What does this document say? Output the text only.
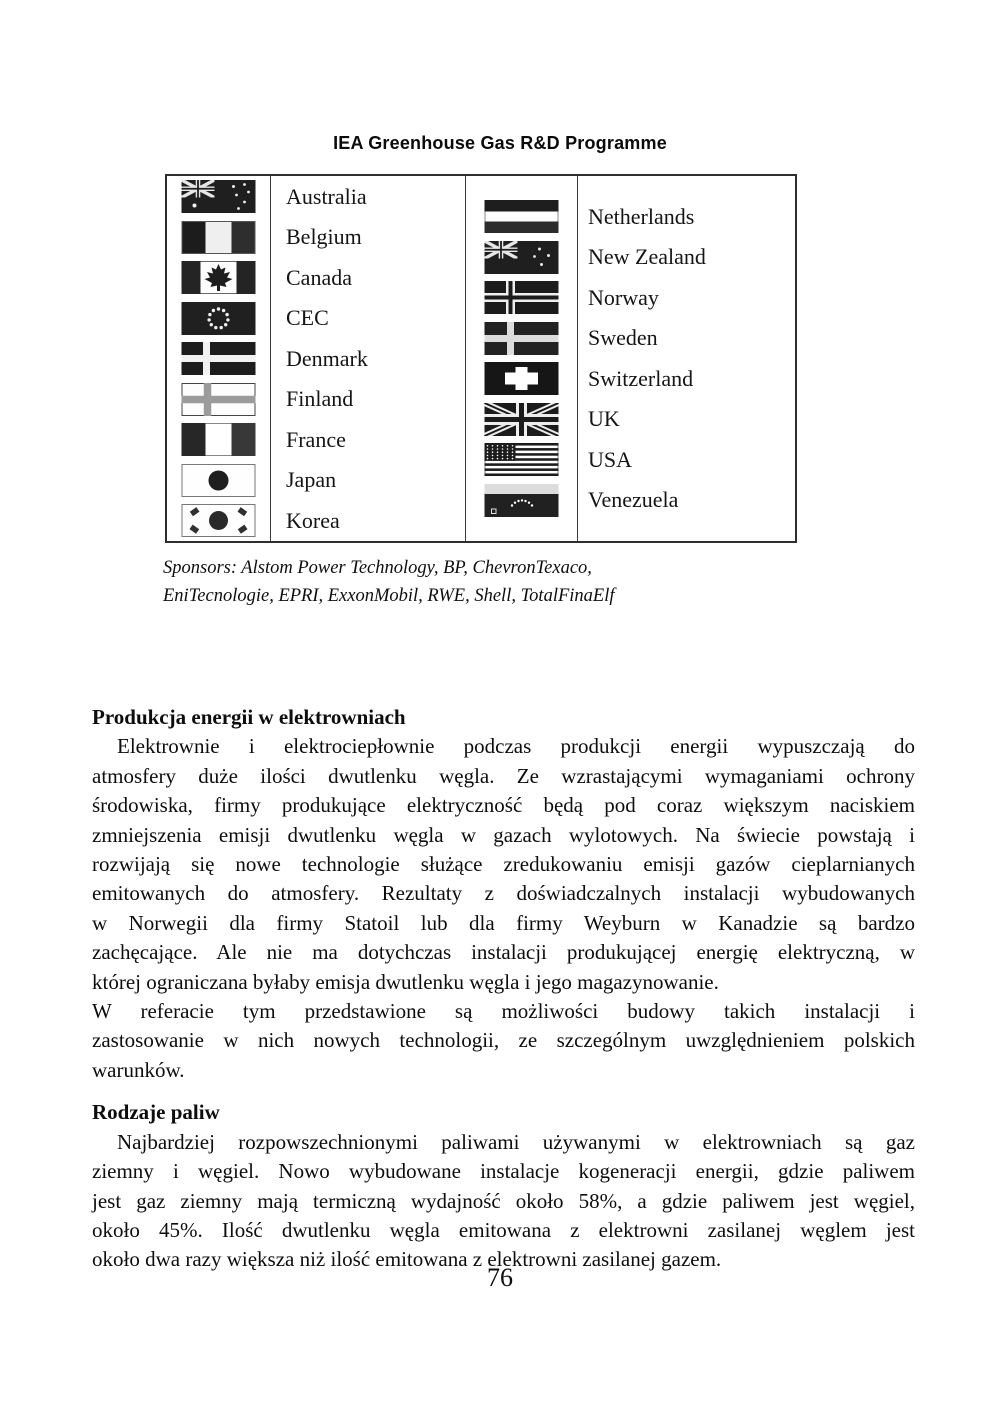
IEA Greenhouse Gas R&D Programme
Australia
Belgium
Canada
CEC
Denmark
Finland
France
Japan
Korea
Netherlands
New Zealand
Norway
Sweden
Switzerland
UK
USA
Venezuela
Sponsors: Alstom Power Technology, BP, ChevronTexaco,
EniTecnologie, EPRI, ExxonMobil, RWE, Shell, TotalFinaElf
Produkcja energii w elektrowniach
Elektrownie i elektrociepłownie podczas produkcji energii wypuszczają do
atmosfery duże ilości dwutlenku węgla. Ze wzrastającymi wymaganiami ochrony
środowiska, firmy produkujące elektryczność będą pod coraz większym naciskiem
zmniejszenia emisji dwutlenku węgla w gazach wylotowych. Na świecie powstają i
rozwijają się nowe technologie służące zredukowaniu emisji gazów cieplarnianych
emitowanych do atmosfery. Rezultaty z doświadczalnych instalacji wybudowanych
w Norwegii dla firmy Statoil lub dla firmy Weyburn w Kanadzie są bardzo
zachęcające. Ale nie ma dotychczas instalacji produkującej energię elektryczną, w
której ograniczana byłaby emisja dwutlenku węgla i jego magazynowanie.
W referacie tym przedstawione są możliwości budowy takich instalacji i
zastosowanie w nich nowych technologii, ze szczególnym uwzględnieniem polskich
warunków.
Rodzaje paliw
Najbardziej rozpowszechnionymi paliwami używanymi w elektrowniach są gaz
ziemny i węgiel. Nowo wybudowane instalacje kogeneracji energii, gdzie paliwem
jest gaz ziemny mają termiczną wydajność około 58%, a gdzie paliwem jest węgiel,
około 45%. Ilość dwutlenku węgla emitowana z elektrowni zasilanej węglem jest
około dwa razy większa niż ilość emitowana z elektrowni zasilanej gazem.
76
